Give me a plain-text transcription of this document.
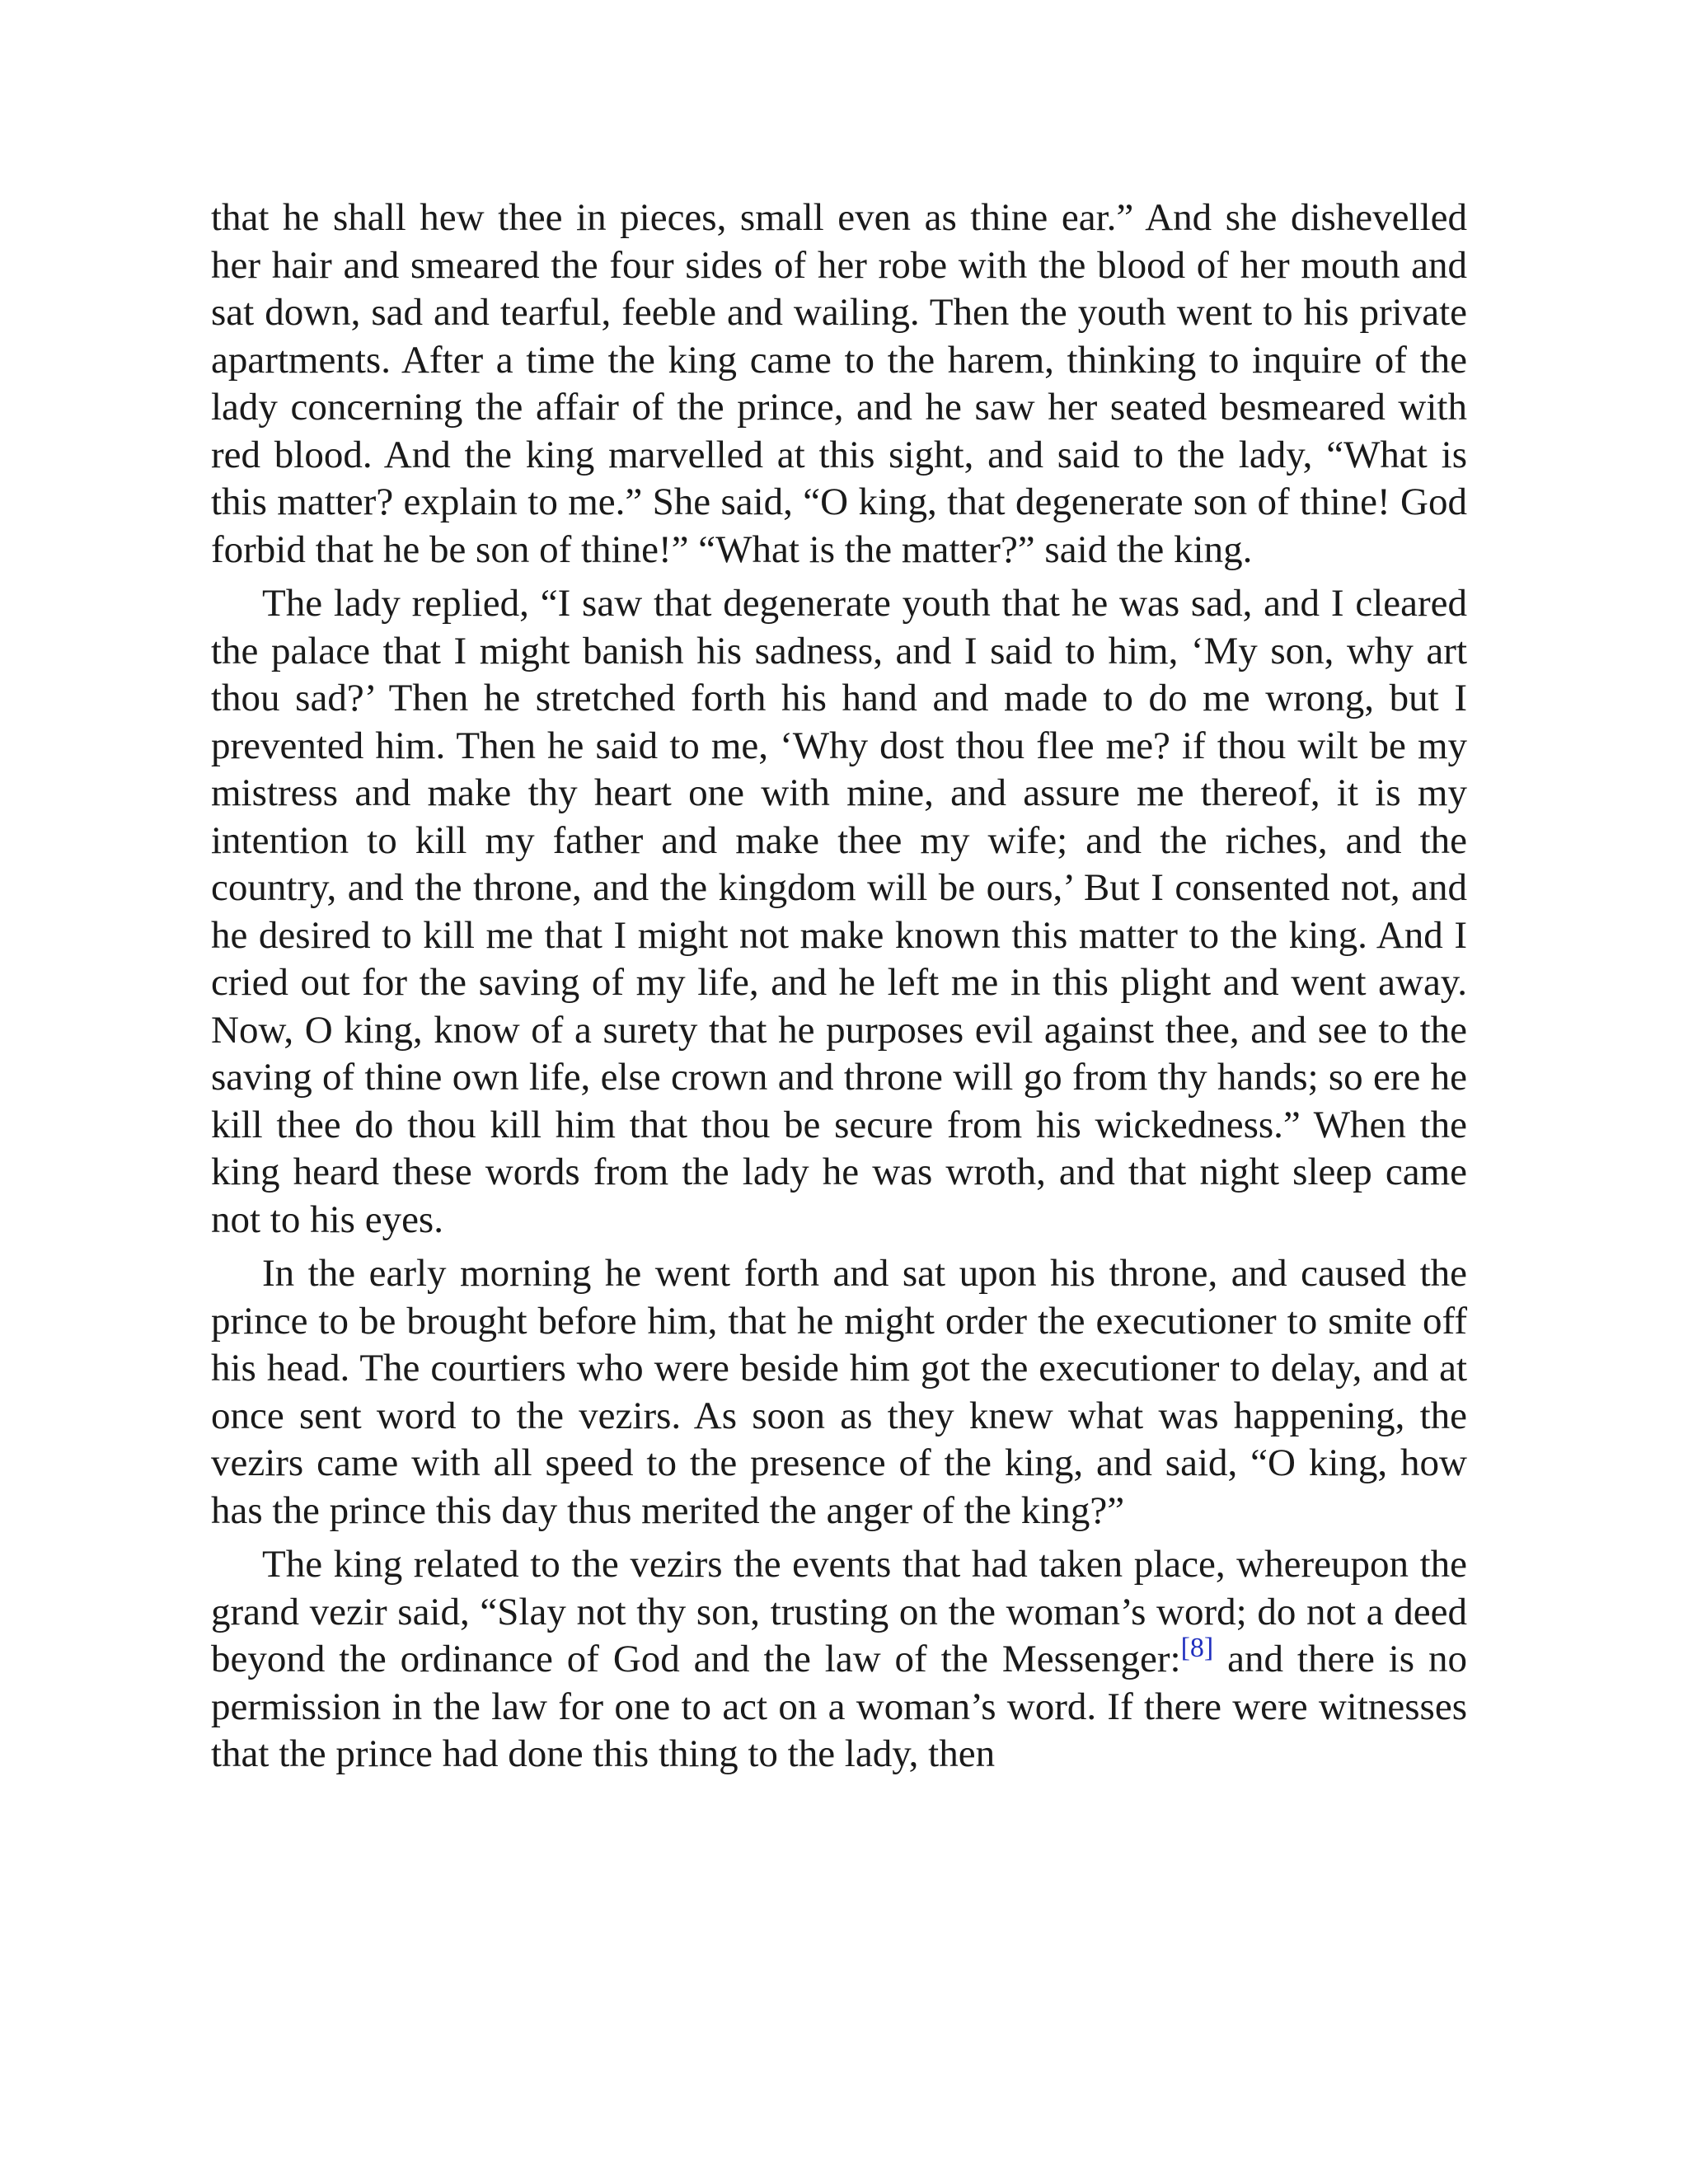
that he shall hew thee in pieces, small even as thine ear.” And she dishevelled her hair and smeared the four sides of her robe with the blood of her mouth and sat down, sad and tearful, feeble and wailing. Then the youth went to his private apartments. After a time the king came to the harem, thinking to inquire of the lady concerning the affair of the prince, and he saw her seated besmeared with red blood. And the king marvelled at this sight, and said to the lady, “What is this matter? explain to me.” She said, “O king, that degenerate son of thine! God forbid that he be son of thine!” “What is the matter?” said the king.

The lady replied, “I saw that degenerate youth that he was sad, and I cleared the palace that I might banish his sadness, and I said to him, ‘My son, why art thou sad?’ Then he stretched forth his hand and made to do me wrong, but I prevented him. Then he said to me, ‘Why dost thou flee me? if thou wilt be my mistress and make thy heart one with mine, and assure me thereof, it is my intention to kill my father and make thee my wife; and the riches, and the country, and the throne, and the kingdom will be ours,’ But I consented not, and he desired to kill me that I might not make known this matter to the king. And I cried out for the saving of my life, and he left me in this plight and went away. Now, O king, know of a surety that he purposes evil against thee, and see to the saving of thine own life, else crown and throne will go from thy hands; so ere he kill thee do thou kill him that thou be secure from his wickedness.” When the king heard these words from the lady he was wroth, and that night sleep came not to his eyes.

In the early morning he went forth and sat upon his throne, and caused the prince to be brought before him, that he might order the executioner to smite off his head. The courtiers who were beside him got the executioner to delay, and at once sent word to the vezirs. As soon as they knew what was happening, the vezirs came with all speed to the presence of the king, and said, “O king, how has the prince this day thus merited the anger of the king?”

The king related to the vezirs the events that had taken place, whereupon the grand vezir said, “Slay not thy son, trusting on the woman’s word; do not a deed beyond the ordinance of God and the law of the Messenger:[8] and there is no permission in the law for one to act on a woman’s word. If there were witnesses that the prince had done this thing to the lady, then
